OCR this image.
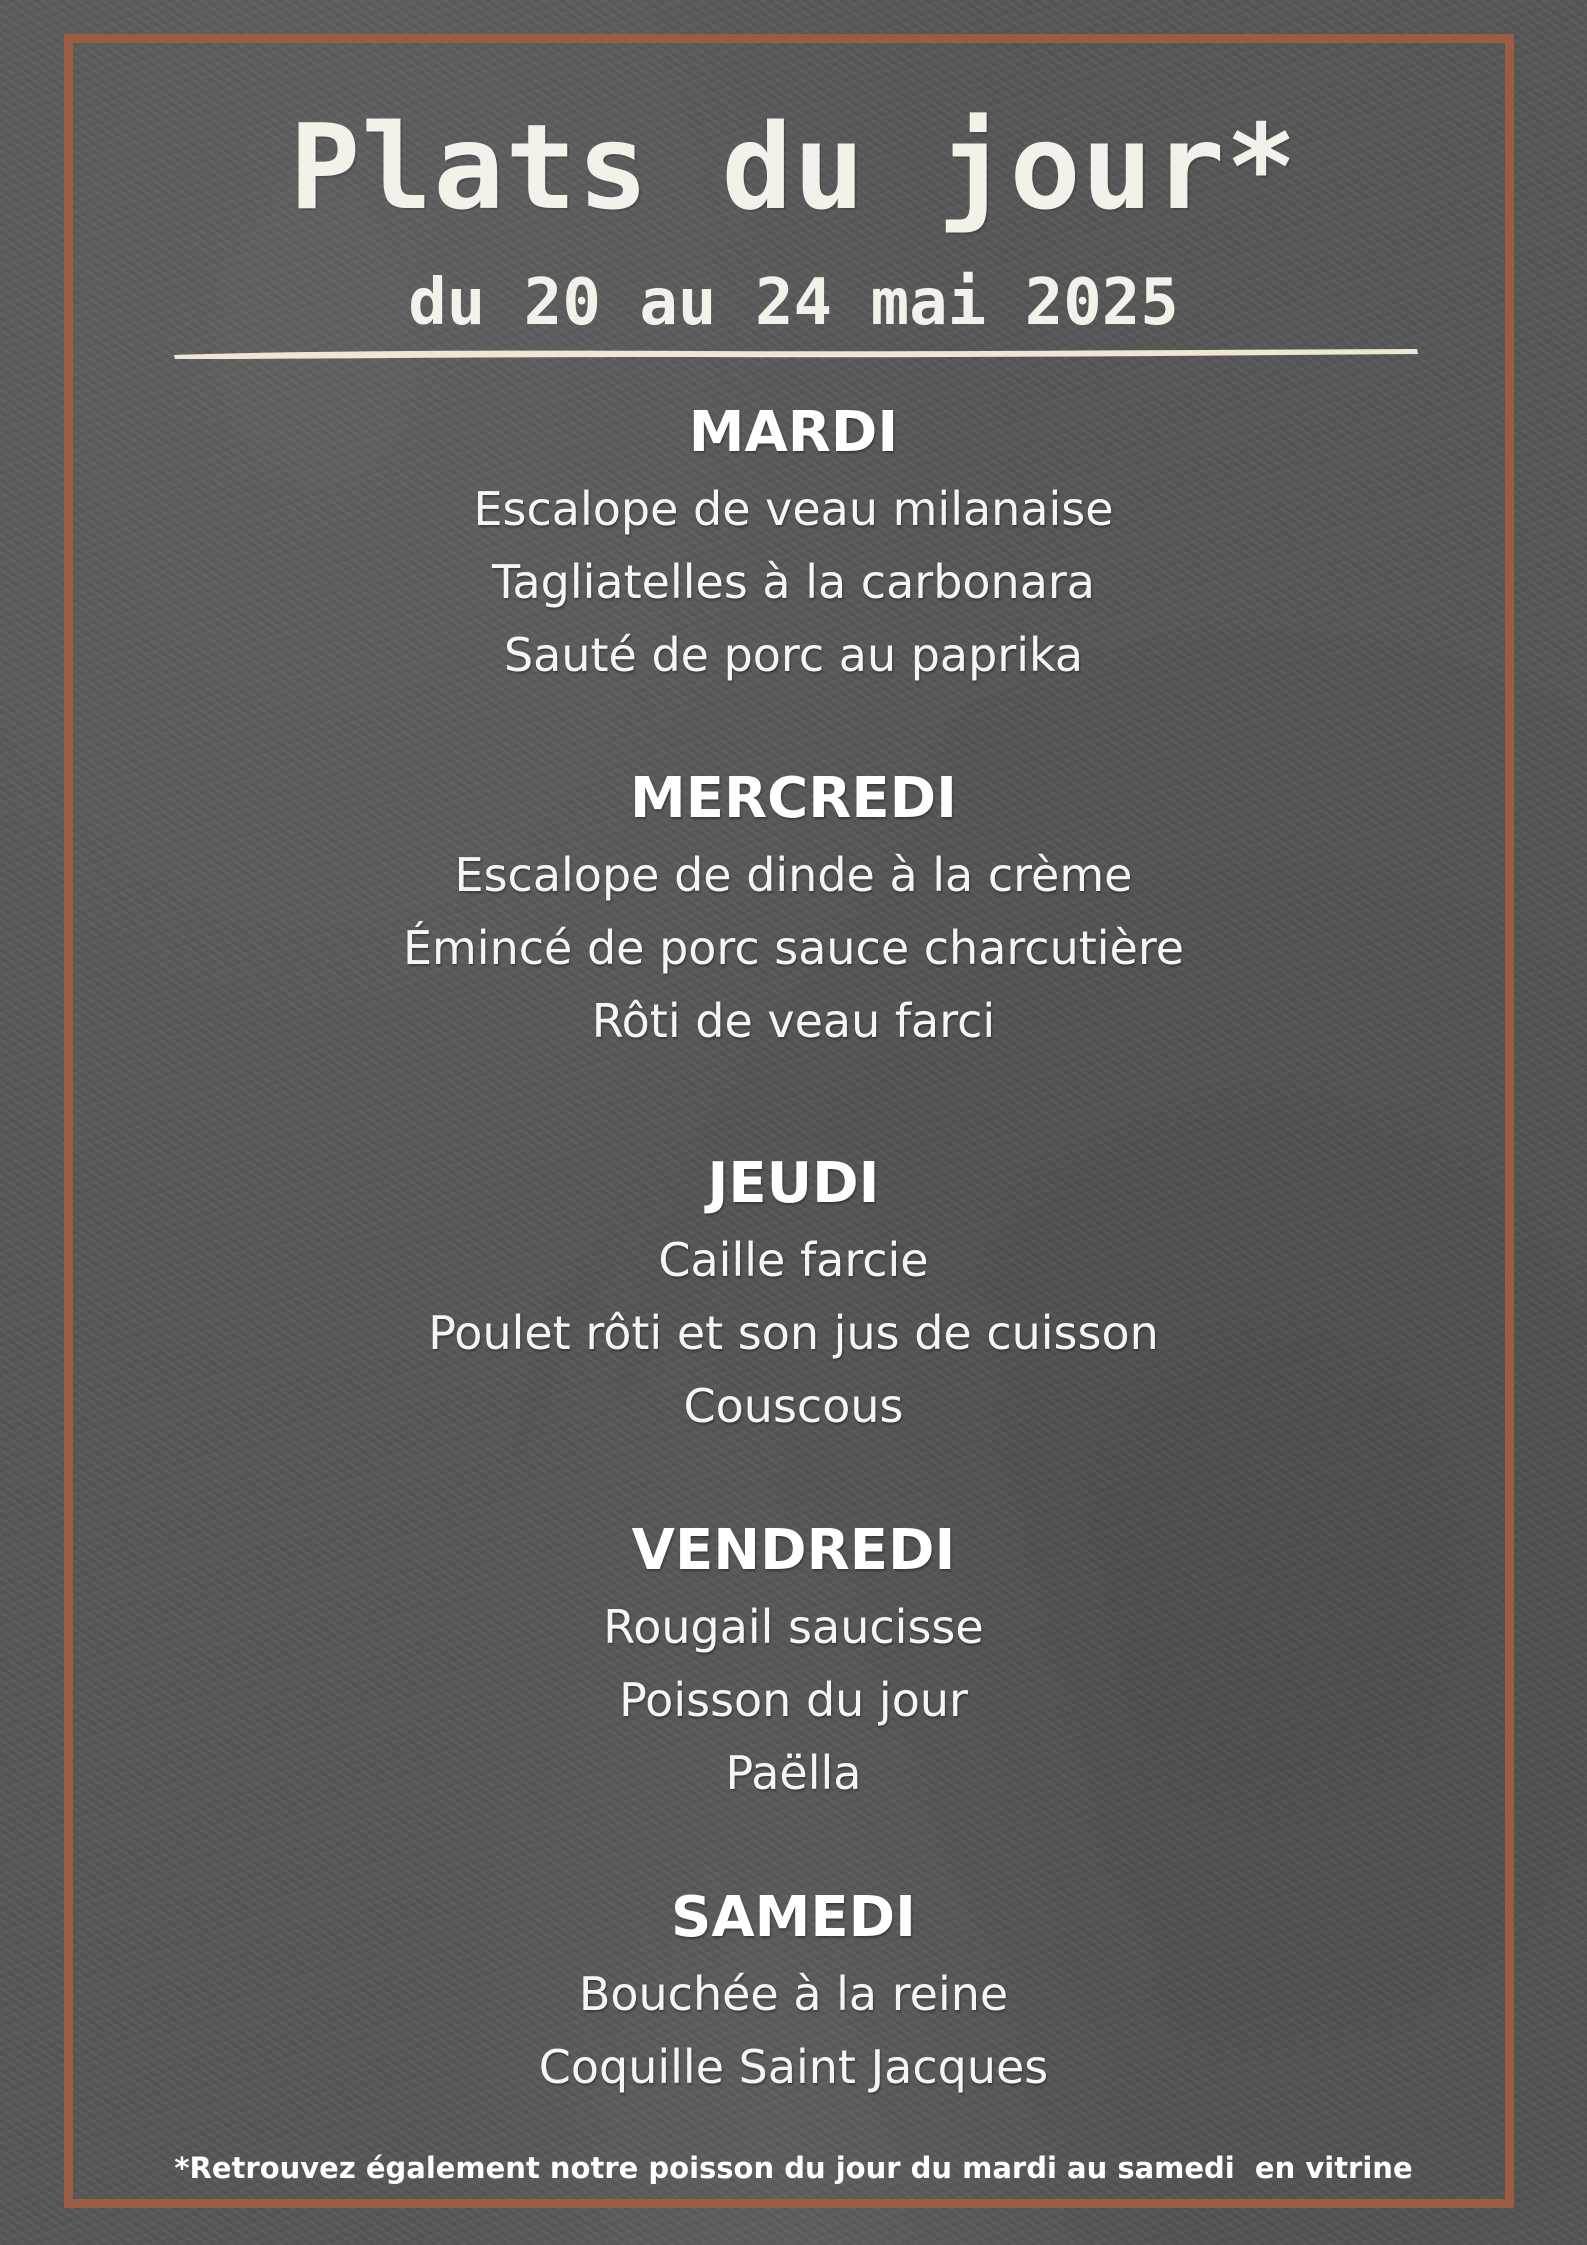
Plats du jour*
du 20 au 24 mai 2025
MARDI
Escalope de veau milanaise
Tagliatelles à la carbonara
Sauté de porc au paprika
MERCREDI
Escalope de dinde à la crème
Émincé de porc sauce charcutière
Rôti de veau farci
JEUDI
Caille farcie
Poulet rôti et son jus de cuisson
Couscous
VENDREDI
Rougail saucisse
Poisson du jour
Paëlla
SAMEDI
Bouchée à la reine
Coquille Saint Jacques
*Retrouvez également notre poisson du jour du mardi au samedi  en vitrine
